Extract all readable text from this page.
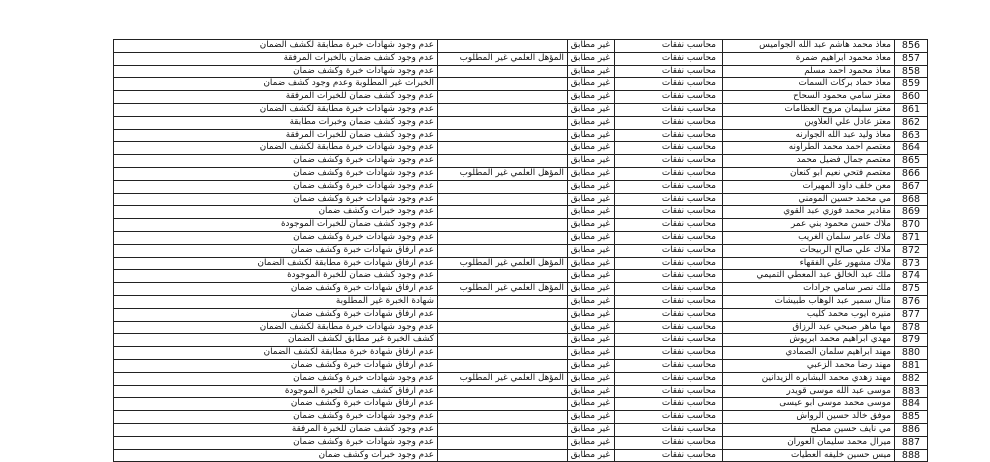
856	معاذ محمد هاشم عبد الله الجواميس	محاسب نفقات	غير مطابق		عدم وجود شهادات خبرة مطابقة لكشف الضمان
857	معاذ محمود ابراهيم ضمرة	محاسب نفقات	غير مطابق	المؤهل العلمي غير المطلوب	عدم وجود كشف ضمان بالخبرات المرفقة
858	معاذ محمود احمد مسلم	محاسب نفقات	غير مطابق		عدم وجود شهادات خبرة وكشف ضمان
859	معاذ حماد بركات السمات	محاسب نفقات	غير مطابق		الخبرات غير المطلوبة وعدم وجود كشف ضمان
860	معتز سامي محمود السحاح	محاسب نفقات	غير مطابق		عدم وجود كشف ضمان للخبرات المرفقة
861	معتز سليمان مروح العظامات	محاسب نفقات	غير مطابق		عدم وجود شهادات خبرة مطابقة لكشف الضمان
862	معتز عادل علي العلاوين	محاسب نفقات	غير مطابق		عدم وجود كشف ضمان وخبرات مطابقة
863	معاذ وليد عبد الله الجوارنه	محاسب نفقات	غير مطابق		عدم وجود كشف ضمان للخبرات المرفقة
864	معتصم احمد محمد الطراونه	محاسب نفقات	غير مطابق		عدم وجود شهادات خبرة مطابقة لكشف الضمان
865	معتصم جمال فضيل محمد	محاسب نفقات	غير مطابق		عدم وجود شهادات خبرة وكشف ضمان
866	معتصم فتحي نعيم ابو كنعان	محاسب نفقات	غير مطابق	المؤهل العلمي غير المطلوب	عدم وجود شهادات خبرة وكشف ضمان
867	معن خلف داود المهيرات	محاسب نفقات	غير مطابق		عدم وجود شهادات خبرة وكشف ضمان
868	مي محمد حسين المومني	محاسب نفقات	غير مطابق		عدم وجود شهادات خبرة وكشف ضمان
869	مقادير محمد فوزي عبد القوي	محاسب نفقات	غير مطابق		عدم وجود خبرات وكشف ضمان
870	ملاك حسن محمود بني عمر	محاسب نفقات	غير مطابق		عدم وجود كشف ضمان للخبرات الموجودة
871	ملاك عامر سلمان الغريب	محاسب نفقات	غير مطابق		عدم وجود شهادات خبرة وكشف ضمان
872	ملاك علي صالح الربيحات	محاسب نفقات	غير مطابق		عدم ارفاق شهادات خبرة وكشف ضمان
873	ملاك مشهور علي الفقهاء	محاسب نفقات	غير مطابق	المؤهل العلمي غير المطلوب	عدم ارفاق شهادات خبرة مطابقة لكشف الضمان
874	ملك عبد الخالق عبد المعطي التميمي	محاسب نفقات	غير مطابق		عدم وجود كشف ضمان للخبرة الموجودة
875	ملك نصر سامي جرادات	محاسب نفقات	غير مطابق	المؤهل العلمي غير المطلوب	عدم ارفاق شهادات خبرة وكشف ضمان
876	منال سمير عبد الوهاب طبيشات	محاسب نفقات	غير مطابق		شهادة الخبرة غير المطلوبة
877	منيره ايوب محمد كليب	محاسب نفقات	غير مطابق		عدم ارفاق شهادات خبرة وكشف ضمان
878	مها ماهر صبحي عبد الرزاق	محاسب نفقات	غير مطابق		عدم وجود شهادات خبرة مطابقة لكشف الضمان
879	مهدي ابراهيم محمد ابريوش	محاسب نفقات	غير مطابق		كشف الخبرة غير مطابق لكشف الضمان
880	مهند ابراهيم سلمان الصمادي	محاسب نفقات	غير مطابق		عدم ارفاق شهادة خبرة مطابقة لكشف الضمان
881	مهند رضا محمد الزعبي	محاسب نفقات	غير مطابق		عدم ارفاق شهادات خبرة وكشف ضمان
882	مهند زهدي محمد البشابره الزيدانين	محاسب نفقات	غير مطابق	المؤهل العلمي غير المطلوب	عدم وجود شهادات خبرة وكشف ضمان
883	موسى عبد الله موسى قويدر	محاسب نفقات	غير مطابق		عدم ارفاق كشف ضمان للخبرة الموجودة
884	موسى محمد موسى ابو عيسى	محاسب نفقات	غير مطابق		عدم ارفاق شهادات خبرة وكشف ضمان
885	موفق خالد حسين الرواش	محاسب نفقات	غير مطابق		عدم وجود شهادات خبرة وكشف ضمان
886	مي نايف حسين مصلح	محاسب نفقات	غير مطابق		عدم وجود كشف ضمان للخبرة المرفقة
887	ميرال محمد سليمان العوران	محاسب نفقات	غير مطابق		عدم وجود شهادات خبرة وكشف ضمان
888	ميس حسين خليفه العطيات	محاسب نفقات	غير مطابق		عدم وجود خبرات وكشف ضمان
